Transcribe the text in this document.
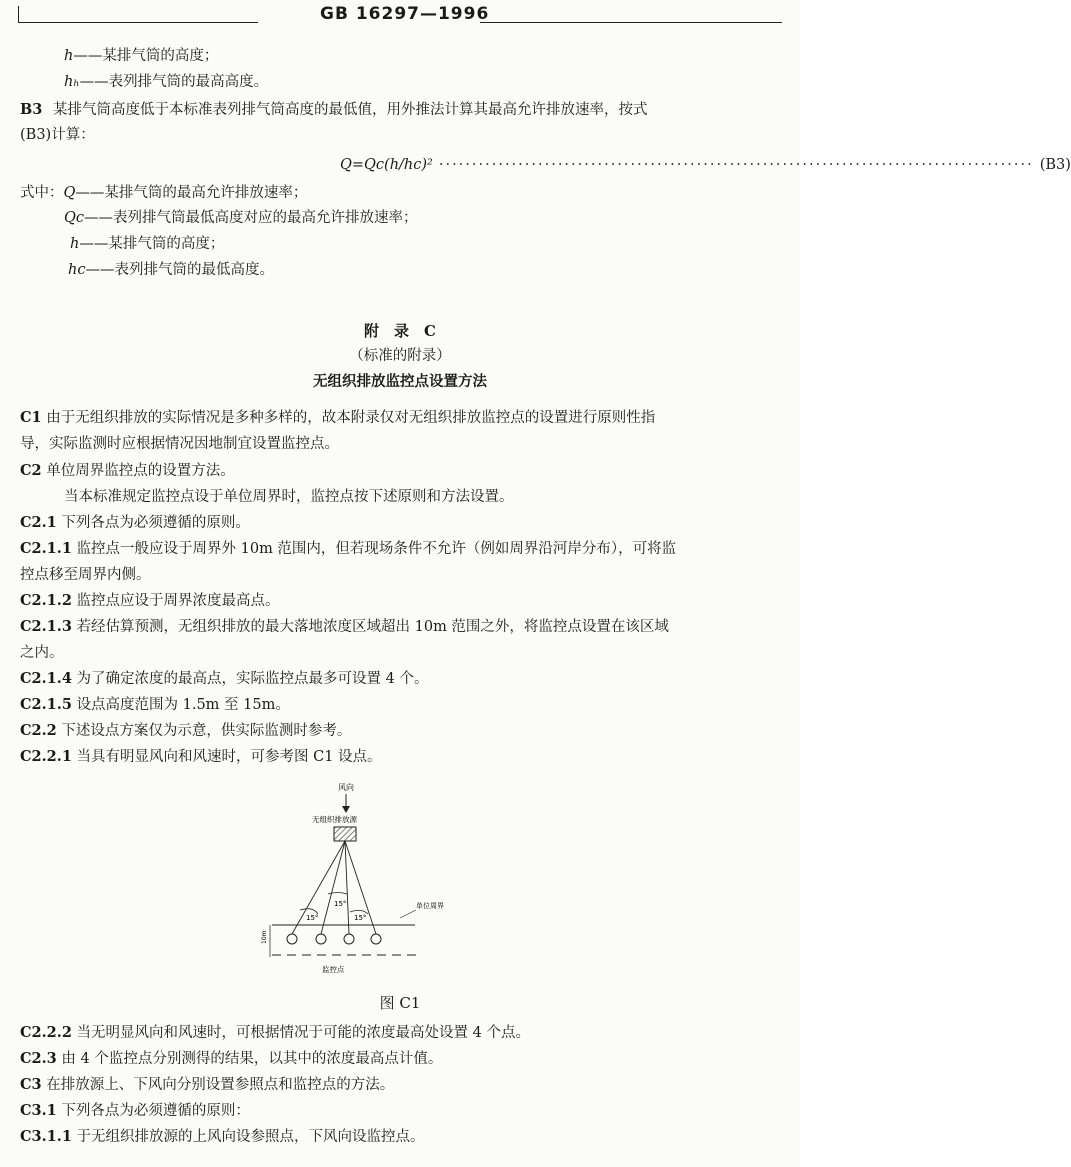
GB 16297—1996
h——某排气筒的高度；
hₕ——表列排气筒的最高高度。
B3 某排气筒高度低于本标准表列排气筒高度的最低值，用外推法计算其最高允许排放速率，按式
(B3)计算：
Q=Qc(h/hc)² ·························································································· (B3)
式中：Q——某排气筒的最高允许排放速率；
Qc——表列排气筒最低高度对应的最高允许排放速率；
h——某排气筒的高度；
hc——表列排气筒的最低高度。
附　录　C
（标准的附录）
无组织排放监控点设置方法
C1 由于无组织排放的实际情况是多种多样的，故本附录仅对无组织排放监控点的设置进行原则性指
导，实际监测时应根据情况因地制宜设置监控点。
C2 单位周界监控点的设置方法。
当本标准规定监控点设于单位周界时，监控点按下述原则和方法设置。
C2.1 下列各点为必须遵循的原则。
C2.1.1 监控点一般应设于周界外 10m 范围内，但若现场条件不允许（例如周界沿河岸分布），可将监
控点移至周界内侧。
C2.1.2 监控点应设于周界浓度最高点。
C2.1.3 若经估算预测，无组织排放的最大落地浓度区域超出 10m 范围之外，将监控点设置在该区域
之内。
C2.1.4 为了确定浓度的最高点，实际监控点最多可设置 4 个。
C2.1.5 设点高度范围为 1.5m 至 15m。
C2.2 下述设点方案仅为示意，供实际监测时参考。
C2.2.1 当具有明显风向和风速时，可参考图 C1 设点。
风向
无组织排放源
15°
15°
15°
单位周界
10m
监控点
图 C1
C2.2.2 当无明显风向和风速时，可根据情况于可能的浓度最高处设置 4 个点。
C2.3 由 4 个监控点分别测得的结果，以其中的浓度最高点计值。
C3 在排放源上、下风向分别设置参照点和监控点的方法。
C3.1 下列各点为必须遵循的原则：
C3.1.1 于无组织排放源的上风向设参照点，下风向设监控点。
